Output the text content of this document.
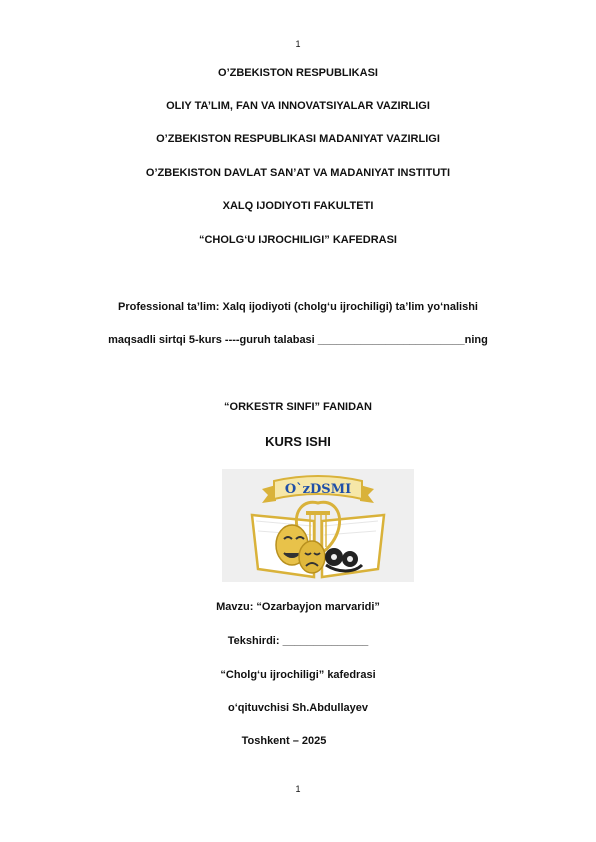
1
O’ZBEKISTON RESPUBLIKASI
OLIY TA’LIM, FAN VA INNOVATSIYALAR VAZIRLIGI
O’ZBEKISTON RESPUBLIKASI MADANIYAT VAZIRLIGI
O’ZBEKISTON DAVLAT SAN’AT VA MADANIYAT INSTITUTI
XALQ IJODIYOTI FAKULTETI
“CHOLG‘U IJROCHILIGI” KAFEDRASI
Professional ta’lim: Xalq ijodiyoti (cholg‘u ijrochiligi) ta’lim yo‘nalishi
maqsadli sirtqi 5-kurs ----guruh talabasi ________________________ning
“ORKESTR SINFI” FANIDAN
KURS ISHI
O`zDSMI
Mavzu: “Ozarbayjon marvaridi”
Tekshirdi: ______________
“Cholg‘u ijrochiligi” kafedrasi
o‘qituvchisi Sh.Abdullayev
Toshkent – 2025
1
